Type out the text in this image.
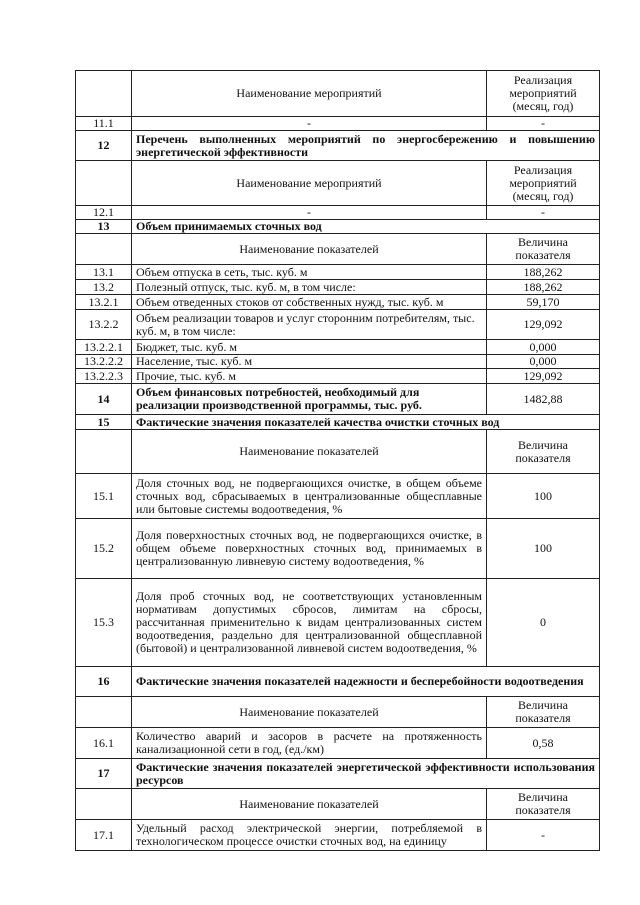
	Наименование мероприятий	Реализация мероприятий (месяц, год)
11.1	-	-
12	Перечень выполненных мероприятий по энергосбережению и повышению энергетической эффективности	
	Наименование мероприятий	Реализация мероприятий (месяц, год)
12.1	-	-
13	Объем принимаемых сточных вод	
	Наименование показателей	Величина показателя
13.1	Объем отпуска в сеть, тыс. куб. м	188,262
13.2	Полезный отпуск, тыс. куб. м, в том числе:	188,262
13.2.1	Объем отведенных стоков от собственных нужд, тыс. куб. м	59,170
13.2.2	Объем реализации товаров и услуг сторонним потребителям, тыс. куб. м, в том числе:	129,092
13.2.2.1	Бюджет, тыс. куб. м	0,000
13.2.2.2	Население, тыс. куб. м	0,000
13.2.2.3	Прочие, тыс. куб. м	129,092
14	Объем финансовых потребностей, необходимый для реализации производственной программы, тыс. руб.	1482,88
15	Фактические значения показателей качества очистки сточных вод	
	Наименование показателей	Величина показателя
15.1	Доля сточных вод, не подвергающихся очистке, в общем объеме сточных вод, сбрасываемых в централизованные общесплавные или бытовые системы водоотведения, %	100
15.2	Доля поверхностных сточных вод, не подвергающихся очистке, в общем объеме поверхностных сточных вод, принимаемых в централизованную ливневую систему водоотведения, %	100
15.3	Доля проб сточных вод, не соответствующих установленным нормативам допустимых сбросов, лимитам на сбросы, рассчитанная применительно к видам централизованных систем водоотведения, раздельно для централизованной общесплавной (бытовой) и централизованной ливневой систем водоотведения, %	0
16	Фактические значения показателей надежности и бесперебойности водоотведения	
	Наименование показателей	Величина показателя
16.1	Количество аварий и засоров в расчете на протяженность канализационной сети в год, (ед./км)	0,58
17	Фактические значения показателей энергетической эффективности использования ресурсов	
	Наименование показателей	Величина показателя
17.1	Удельный расход электрической энергии, потребляемой в технологическом процессе очистки сточных вод, на единицу	-
